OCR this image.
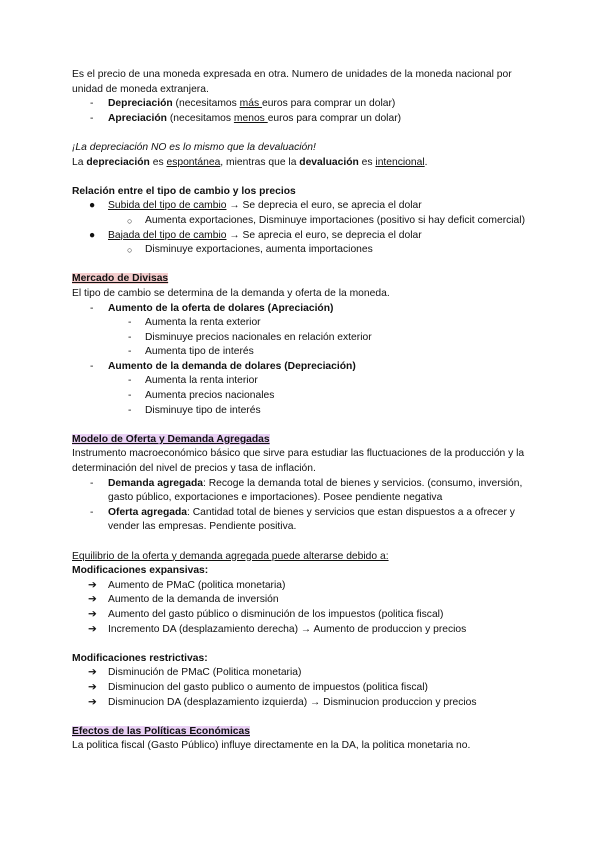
Es el precio de una moneda expresada en otra. Numero de unidades de la moneda nacional por unidad de moneda extranjera.

- Depreciación (necesitamos más euros para comprar un dolar)
- Apreciación (necesitamos menos euros para comprar un dolar)

¡La depreciación NO es lo mismo que la devaluación!

La depreciación es espontánea, mientras que la devaluación es intencional.

Relación entre el tipo de cambio y los precios

● Subida del tipo de cambio → Se deprecia el euro, se aprecia el dolar
○ Aumenta exportaciones, Disminuye importaciones (positivo si hay deficit comercial)
● Bajada del tipo de cambio → Se aprecia el euro, se deprecia el dolar
○ Disminuye exportaciones, aumenta importaciones

Mercado de Divisas

El tipo de cambio se determina de la demanda y oferta de la moneda.

- Aumento de la oferta de dolares (Apreciación)
- Aumenta la renta exterior
- Disminuye precios nacionales en relación exterior
- Aumenta tipo de interés
- Aumento de la demanda de dolares (Depreciación)
- Aumenta la renta interior
- Aumenta precios nacionales
- Disminuye tipo de interés

Modelo de Oferta y Demanda Agregadas

Instrumento macroeconómico básico que sirve para estudiar las fluctuaciones de la producción y la determinación del nivel de precios y tasa de inflación.

- Demanda agregada: Recoge la demanda total de bienes y servicios. (consumo, inversión, gasto público, exportaciones e importaciones). Posee pendiente negativa
- Oferta agregada: Cantidad total de bienes y servicios que estan dispuestos a a ofrecer y vender las empresas. Pendiente positiva.

Equilibrio de la oferta y demanda agregada puede alterarse debido a:

Modificaciones expansivas:

➔ Aumento de PMaC (politica monetaria)
➔ Aumento de la demanda de inversión
➔ Aumento del gasto público o disminución de los impuestos (politica fiscal)
➔ Incremento DA (desplazamiento derecha) → Aumento de produccion y precios

Modificaciones restrictivas:

➔ Disminución de PMaC (Politica monetaria)
➔ Disminucion del gasto publico o aumento de impuestos (politica fiscal)
➔ Disminucion DA (desplazamiento izquierda) → Disminucion produccion y precios

Efectos de las Políticas Económicas

La politica fiscal (Gasto Público) influye directamente en la DA, la politica monetaria no.
